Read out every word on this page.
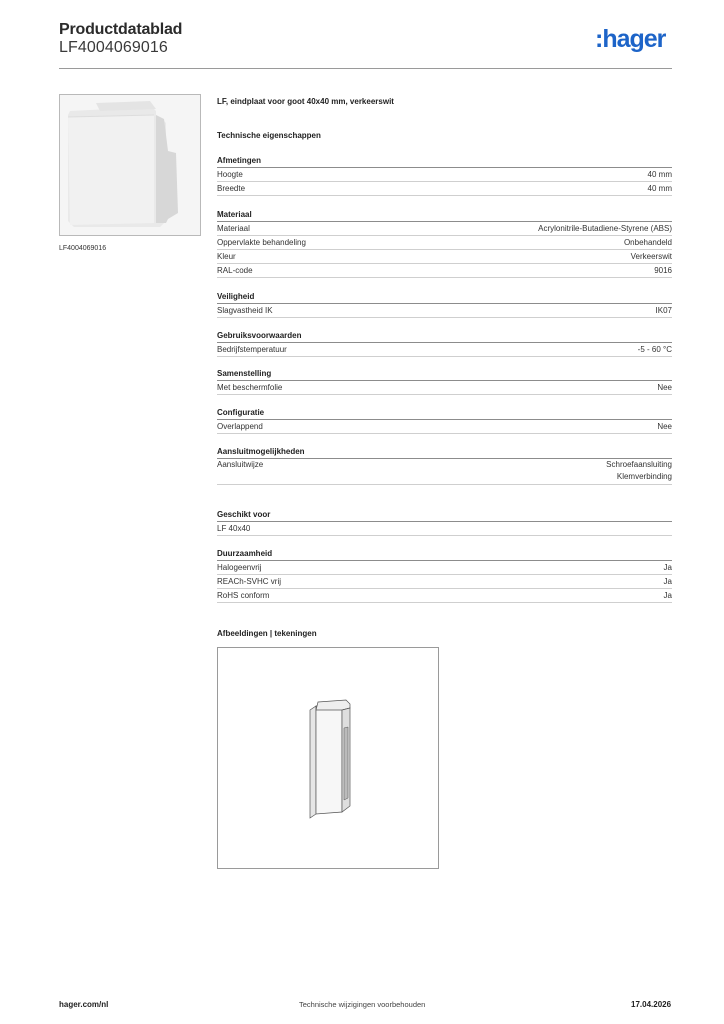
Productdatablad
LF4004069016	:hager
LF4004069016
LF, eindplaat voor goot 40x40 mm, verkeerswit
Technische eigenschappen
Afmetingen
Hoogte	40 mm
Breedte	40 mm
Materiaal
Materiaal	Acrylonitrile-Butadiene-Styrene (ABS)
Oppervlakte behandeling	Onbehandeld
Kleur	Verkeerswit
RAL-code	9016
Veiligheid
Slagvastheid IK	IK07
Gebruiksvoorwaarden
Bedrijfstemperatuur	-5 - 60 °C
Samenstelling
Met beschermfolie	Nee
Configuratie
Overlappend	Nee
Aansluitmogelijkheden
Aansluitwijze	Schroefaansluiting
Klemverbinding
Geschikt voor
LF 40x40
Duurzaamheid
Halogeenvrij	Ja
REACh-SVHC vrij	Ja
RoHS conform	Ja
Afbeeldingen | tekeningen
hager.com/nl	Technische wijzigingen voorbehouden	17.04.2026
